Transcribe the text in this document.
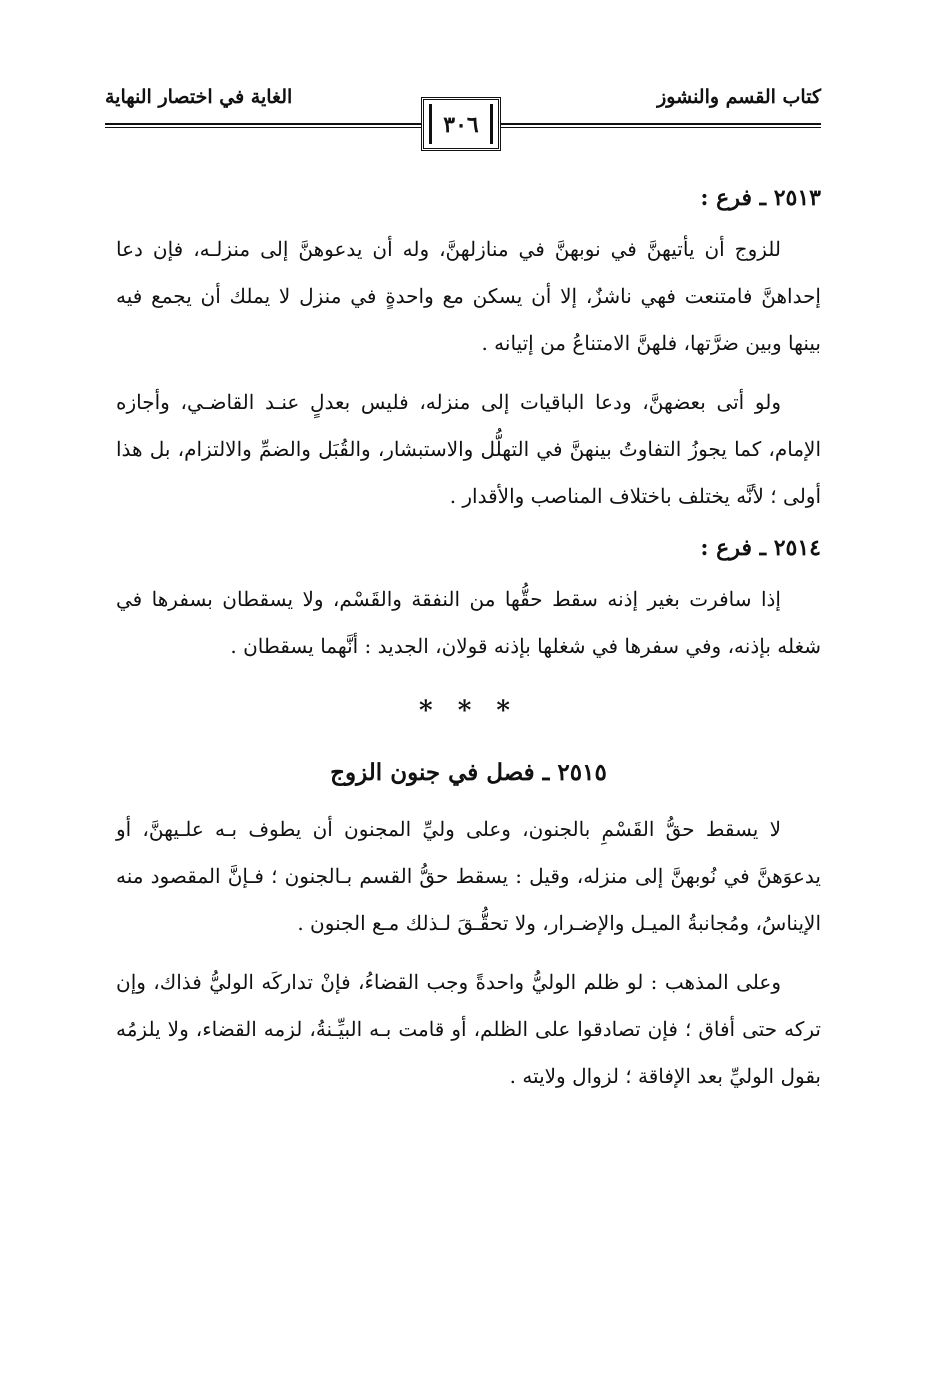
كتاب القسم والنشوز
الغاية في اختصار النهاية
٣٠٦

٢٥١٣ ـ فرع :

للزوج أن يأتيهنَّ في نوبهنَّ في منازلهنَّ، وله أن يدعوهنَّ إلى منزلـه، فإن دعا إحداهنَّ فامتنعت فهي ناشزٌ، إلا أن يسكن مع واحدةٍ في منزل لا يملك أن يجمع فيه بينها وبين ضرَّتها، فلهنَّ الامتناعُ من إتيانه .

ولو أتى بعضهنَّ، ودعا الباقيات إلى منزله، فليس بعدلٍ عنـد القاضـي، وأجازه الإمام، كما يجوزُ التفاوتُ بينهنَّ في التهلُّل والاستبشار، والقُبَل والضمِّ والالتزام، بل هذا أولى ؛ لأنَّه يختلف باختلاف المناصب والأقدار .

٢٥١٤ ـ فرع :

إذا سافرت بغير إذنه سقط حقُّها من النفقة والقَسْم، ولا يسقطان بسفرها في شغله بإذنه، وفي سفرها في شغلها بإذنه قولان، الجديد : أنَّهما يسقطان .

* * *

٢٥١٥ ـ فصل في جنون الزوج

لا يسقط حقُّ القَسْمِ بالجنون، وعلى وليِّ المجنون أن يطوف بـه علـيهنَّ، أو يدعوَهنَّ في نُوبهنَّ إلى منزله، وقيل : يسقط حقُّ القسم بـالجنون ؛ فـإنَّ المقصود منه الإيناسُ، ومُجانبةُ الميـل والإضـرار، ولا تحقُّـقَ لـذلك مـع الجنون .

وعلى المذهب : لو ظلم الوليُّ واحدةً وجب القضاءُ، فإنْ تداركَه الوليُّ فذاك، وإن تركه حتى أفاق ؛ فإن تصادقوا على الظلم، أو قامت بـه البيِّـنةُ، لزمه القضاء، ولا يلزمُه بقول الوليِّ بعد الإفاقة ؛ لزوال ولايته .
